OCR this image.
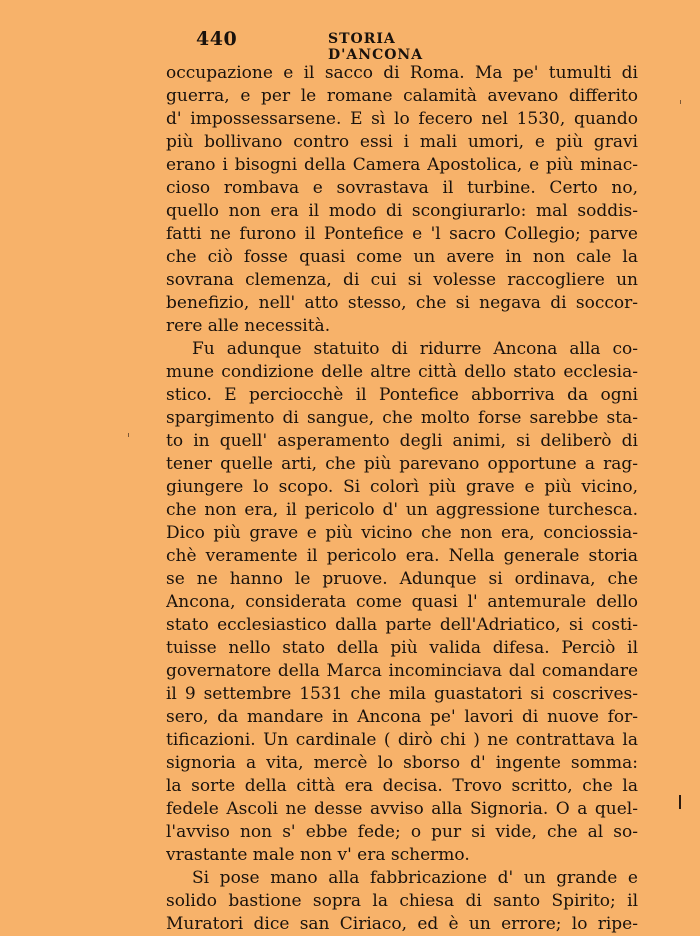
440	STORIA D'ANCONA
occupazione e il sacco di Roma. Ma pe' tumulti di
guerra, e per le romane calamità avevano differito
d' impossessarsene. E sì lo fecero nel 1530, quando
più bollivano contro essi i mali umori, e più gravi
erano i bisogni della Camera Apostolica, e più minac-
cioso rombava e sovrastava il turbine. Certo no,
quello non era il modo di scongiurarlo: mal soddis-
fatti ne furono il Pontefice e 'l sacro Collegio; parve
che ciò fosse quasi come un avere in non cale la
sovrana clemenza, di cui si volesse raccogliere un
benefizio, nell' atto stesso, che si negava di soccor-
rere alle necessità.
Fu adunque statuito di ridurre Ancona alla co-
mune condizione delle altre città dello stato ecclesia-
stico. E perciocchè il Pontefice abborriva da ogni
spargimento di sangue, che molto forse sarebbe sta-
to in quell' asperamento degli animi, si deliberò di
tener quelle arti, che più parevano opportune a rag-
giungere lo scopo. Si colorì più grave e più vicino,
che non era, il pericolo d' un aggressione turchesca.
Dico più grave e più vicino che non era, conciossia-
chè veramente il pericolo era. Nella generale storia
se ne hanno le pruove. Adunque si ordinava, che
Ancona, considerata come quasi l' antemurale dello
stato ecclesiastico dalla parte dell'Adriatico, si costi-
tuisse nello stato della più valida difesa. Perciò il
governatore della Marca incominciava dal comandare
il 9 settembre 1531 che mila guastatori si coscrives-
sero, da mandare in Ancona pe' lavori di nuove for-
tificazioni. Un cardinale ( dirò chi ) ne contrattava la
signoria a vita, mercè lo sborso d' ingente somma:
la sorte della città era decisa. Trovo scritto, che la
fedele Ascoli ne desse avviso alla Signoria. O a quel-
l'avviso non s' ebbe fede; o pur si vide, che al so-
vrastante male non v' era schermo.
Si pose mano alla fabbricazione d' un grande e
solido bastione sopra la chiesa di santo Spirito; il
Muratori dice san Ciriaco, ed è un errore; lo ripe-
